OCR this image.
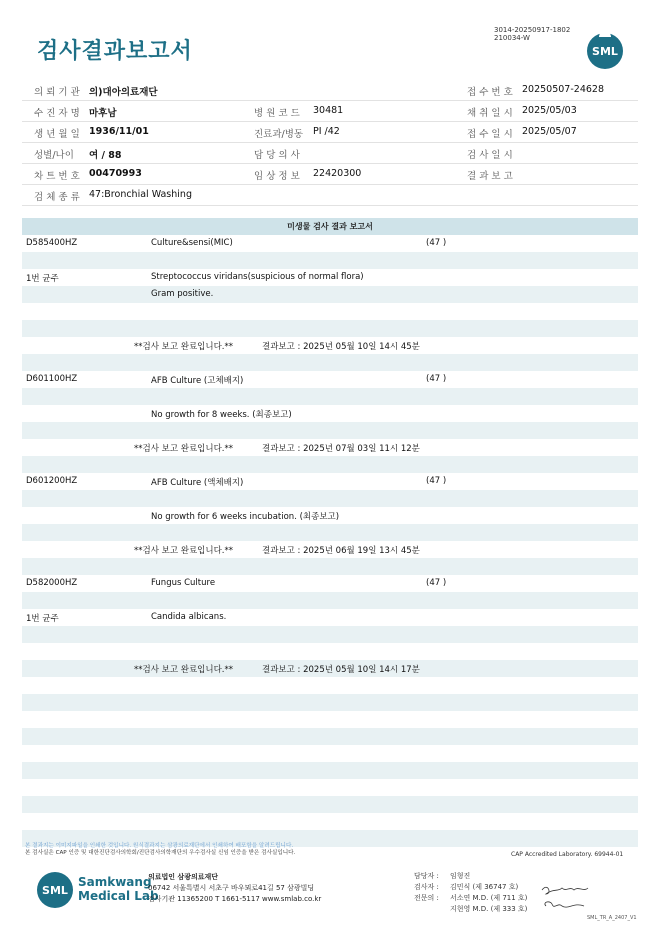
검사결과보고서
3014-20250917-1802
210034-W
SML
의 뢰 기 관 의)대아의료재단	접 수 번 호 20250507-24628
수 진 자 명 마후남	병 원 코 드 30481	채 취 일 시 2025/05/03
생 년 월 일 1936/11/01	진료과/병동 PI /42	접 수 일 시 2025/05/07
성별/나이 여 / 88	담 당 의 사	검 사 일 시
차 트 번 호 00470993	임 상 정 보 22420300	결 과 보 고
검 체 종 류 47:Bronchial Washing
미생물 검사 결과 보고서
D585400HZ	Culture&sensi(MIC)	(47 )
1번 균주	Streptococcus viridans(suspicious of normal flora)
Gram positive.
**검사 보고 완료입니다.**	결과보고 : 2025년 05월 10일 14시 45분
D601100HZ	AFB Culture (고체배지)	(47 )
No growth for 8 weeks. (최종보고)
**검사 보고 완료입니다.**	결과보고 : 2025년 07월 03일 11시 12분
D601200HZ	AFB Culture (액체배지)	(47 )
No growth for 6 weeks incubation. (최종보고)
**검사 보고 완료입니다.**	결과보고 : 2025년 06월 19일 13시 45분
D582000HZ	Fungus Culture	(47 )
1번 균주	Candida albicans.
**검사 보고 완료입니다.**	결과보고 : 2025년 05월 10일 14시 17분
본 결과지는 이미지파일을 인쇄한 것입니다. 원식결과지는 삼광의료재단에서 인쇄하여 배포함을 알려드립니다.
본 검사실은 CAP 인증 및 대한진단검사의학회/진단검사의학재단의 우수검사실 신임 인증을 받은 검사실입니다.	CAP Accredited Laboratory. 69944-01
SML
Samkwang
Medical Lab
의료법인 삼광의료재단
06742 서울특별시 서초구 바우뫼로41길 57 삼광빌딩
검사기관 11365200 T 1661-5117 www.smlab.co.kr
담당자 : 임형진
검사자 : 김민식 (제 36747 호)
전문의 : 서소연 M.D. (제 711 호)
지현영 M.D. (제 333 호)
SML_TR_A_2407_V1
